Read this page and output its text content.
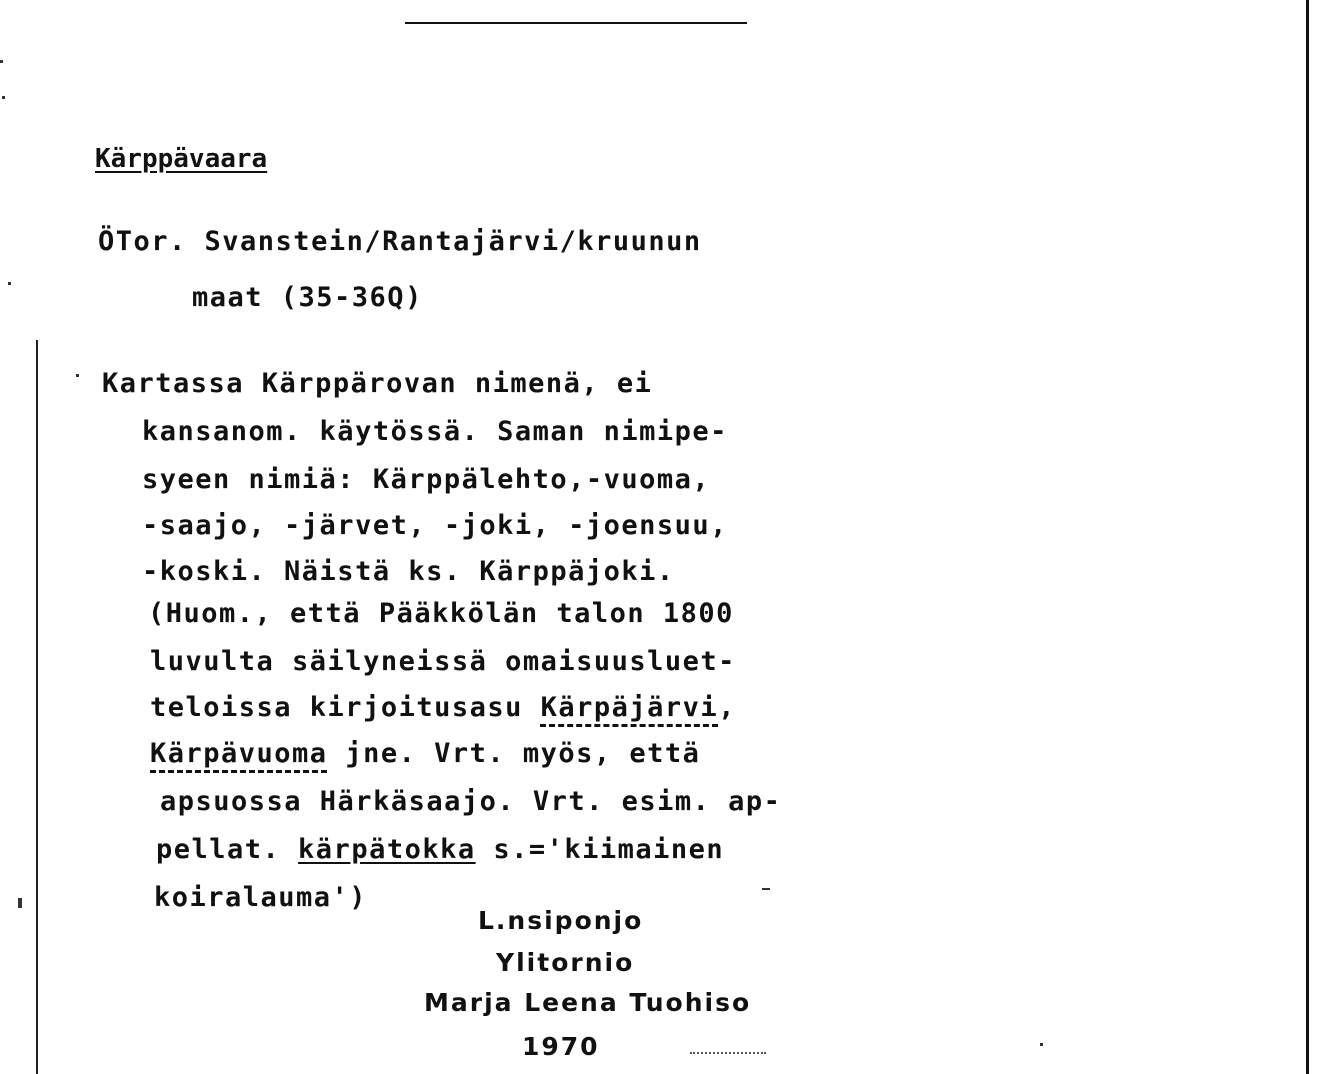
Kärppävaara
ÖTor. Svanstein/Rantajärvi/kruunun
maat (35-36Q)
Kartassa Kärppärovan nimenä, ei
kansanom. käytössä. Saman nimipe-
syeen nimiä: Kärppälehto,-vuoma,
-saajo, -järvet, -joki, -joensuu,
-koski. Näistä ks. Kärppäjoki.
(Huom., että Pääkkölän talon 1800
luvulta säilyneissä omaisuusluet-
teloissa kirjoitusasu Kärpäjärvi,
Kärpävuoma jne. Vrt. myös, että
apsuossa Härkäsaajo. Vrt. esim. ap-
pellat. kärpätokka s.='kiimainen
koiralauma')
L.nsiponjo
Ylitornio
Marja Leena Tuohiso
1970
